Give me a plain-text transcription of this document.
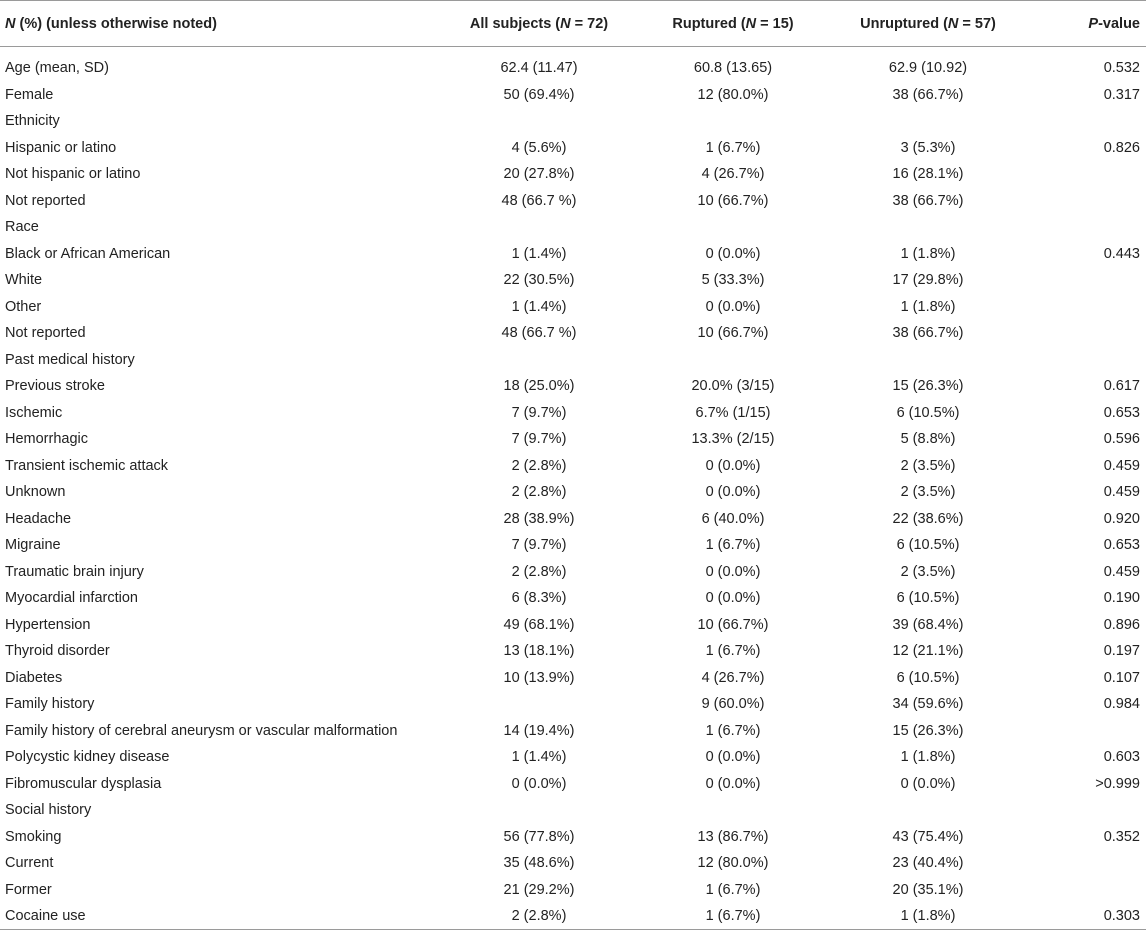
N (%) (unless otherwise noted)	All subjects (N = 72)	Ruptured (N = 15)	Unruptured (N = 57)	P-value
Age (mean, SD)	62.4 (11.47)	60.8 (13.65)	62.9 (10.92)	0.532
Female	50 (69.4%)	12 (80.0%)	38 (66.7%)	0.317
Ethnicity				
Hispanic or latino	4 (5.6%)	1 (6.7%)	3 (5.3%)	0.826
Not hispanic or latino	20 (27.8%)	4 (26.7%)	16 (28.1%)	
Not reported	48 (66.7 %)	10 (66.7%)	38 (66.7%)	
Race				
Black or African American	1 (1.4%)	0 (0.0%)	1 (1.8%)	0.443
White	22 (30.5%)	5 (33.3%)	17 (29.8%)	
Other	1 (1.4%)	0 (0.0%)	1 (1.8%)	
Not reported	48 (66.7 %)	10 (66.7%)	38 (66.7%)	
Past medical history				
Previous stroke	18 (25.0%)	20.0% (3/15)	15 (26.3%)	0.617
Ischemic	7 (9.7%)	6.7% (1/15)	6 (10.5%)	0.653
Hemorrhagic	7 (9.7%)	13.3% (2/15)	5 (8.8%)	0.596
Transient ischemic attack	2 (2.8%)	0 (0.0%)	2 (3.5%)	0.459
Unknown	2 (2.8%)	0 (0.0%)	2 (3.5%)	0.459
Headache	28 (38.9%)	6 (40.0%)	22 (38.6%)	0.920
Migraine	7 (9.7%)	1 (6.7%)	6 (10.5%)	0.653
Traumatic brain injury	2 (2.8%)	0 (0.0%)	2 (3.5%)	0.459
Myocardial infarction	6 (8.3%)	0 (0.0%)	6 (10.5%)	0.190
Hypertension	49 (68.1%)	10 (66.7%)	39 (68.4%)	0.896
Thyroid disorder	13 (18.1%)	1 (6.7%)	12 (21.1%)	0.197
Diabetes	10 (13.9%)	4 (26.7%)	6 (10.5%)	0.107
Family history		9 (60.0%)	34 (59.6%)	0.984
Family history of cerebral aneurysm or vascular malformation	14 (19.4%)	1 (6.7%)	15 (26.3%)	
Polycystic kidney disease	1 (1.4%)	0 (0.0%)	1 (1.8%)	0.603
Fibromuscular dysplasia	0 (0.0%)	0 (0.0%)	0 (0.0%)	>0.999
Social history				
Smoking	56 (77.8%)	13 (86.7%)	43 (75.4%)	0.352
Current	35 (48.6%)	12 (80.0%)	23 (40.4%)	
Former	21 (29.2%)	1 (6.7%)	20 (35.1%)	
Cocaine use	2 (2.8%)	1 (6.7%)	1 (1.8%)	0.303
